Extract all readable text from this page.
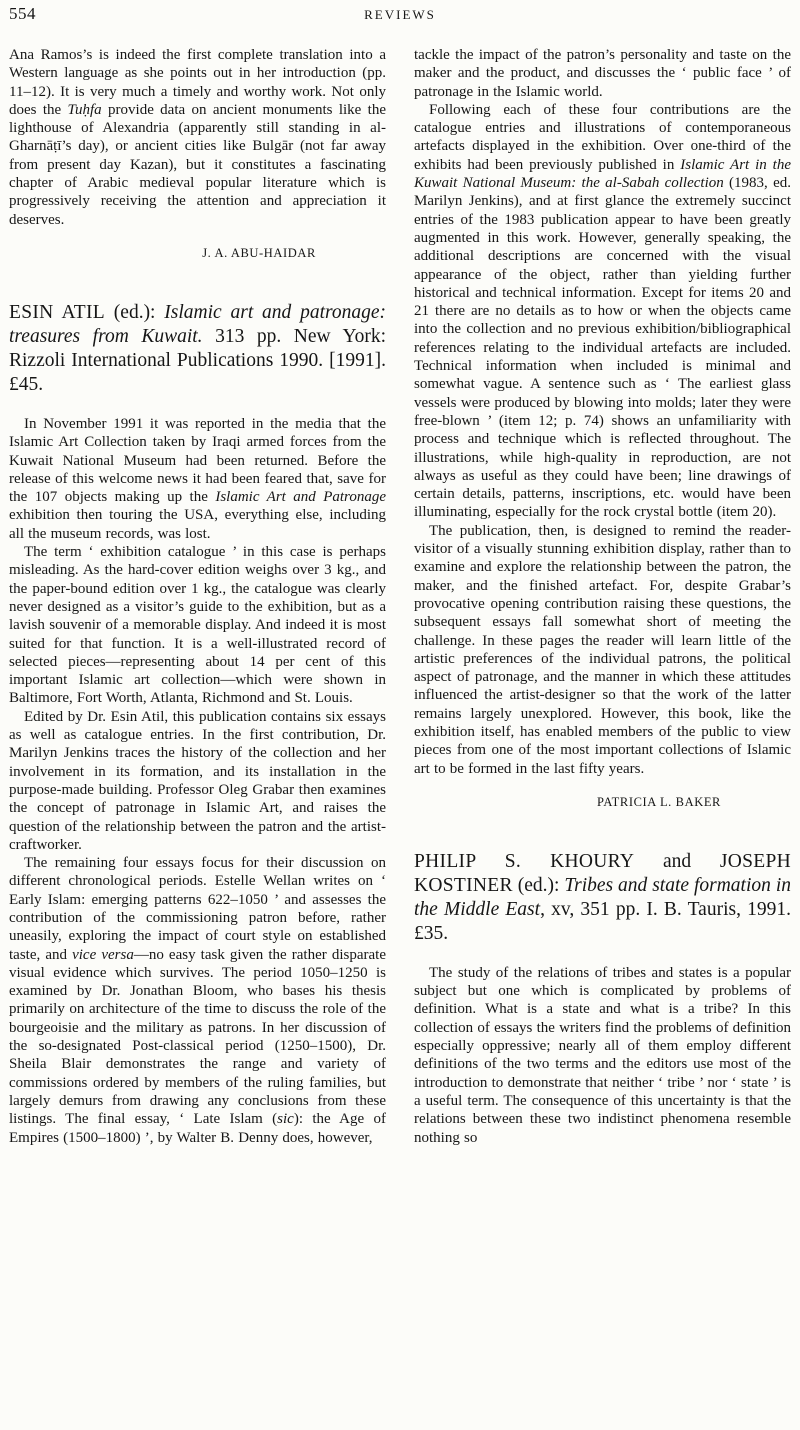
554	REVIEWS

Ana Ramos’s is indeed the first complete translation into a Western language as she points out in her introduction (pp. 11–12). It is very much a timely and worthy work. Not only does the Tuḥfa provide data on ancient monuments like the lighthouse of Alexandria (apparently still standing in al-Gharnāṭī’s day), or ancient cities like Bulgār (not far away from present day Kazan), but it constitutes a fascinating chapter of Arabic medieval popular literature which is progressively receiving the attention and appreciation it deserves.

J. A. ABU-HAIDAR

ESIN ATIL (ed.): Islamic art and patronage: treasures from Kuwait. 313 pp. New York: Rizzoli International Publications 1990. [1991]. £45.

In November 1991 it was reported in the media that the Islamic Art Collection taken by Iraqi armed forces from the Kuwait National Museum had been returned. Before the release of this welcome news it had been feared that, save for the 107 objects making up the Islamic Art and Patronage exhibition then touring the USA, everything else, including all the museum records, was lost.

The term ‘ exhibition catalogue ’ in this case is perhaps misleading. As the hard-cover edition weighs over 3 kg., and the paper-bound edition over 1 kg., the catalogue was clearly never designed as a visitor’s guide to the exhibition, but as a lavish souvenir of a memorable display. And indeed it is most suited for that function. It is a well-illustrated record of selected pieces—representing about 14 per cent of this important Islamic art collection—which were shown in Baltimore, Fort Worth, Atlanta, Richmond and St. Louis.

Edited by Dr. Esin Atil, this publication contains six essays as well as catalogue entries. In the first contribution, Dr. Marilyn Jenkins traces the history of the collection and her involvement in its formation, and its installation in the purpose-made building. Professor Oleg Grabar then examines the concept of patronage in Islamic Art, and raises the question of the relationship between the patron and the artist-craftworker.

The remaining four essays focus for their discussion on different chronological periods. Estelle Wellan writes on ‘ Early Islam: emerging patterns 622–1050 ’ and assesses the contribution of the commissioning patron before, rather uneasily, exploring the impact of court style on established taste, and vice versa—no easy task given the rather disparate visual evidence which survives. The period 1050–1250 is examined by Dr. Jonathan Bloom, who bases his thesis primarily on architecture of the time to discuss the role of the bourgeoisie and the military as patrons. In her discussion of the so-designated Post-classical period (1250–1500), Dr. Sheila Blair demonstrates the range and variety of commissions ordered by members of the ruling families, but largely demurs from drawing any conclusions from these listings. The final essay, ‘ Late Islam (sic): the Age of Empires (1500–1800) ’, by Walter B. Denny does, however,

tackle the impact of the patron’s personality and taste on the maker and the product, and discusses the ‘ public face ’ of patronage in the Islamic world.

Following each of these four contributions are the catalogue entries and illustrations of contemporaneous artefacts displayed in the exhibition. Over one-third of the exhibits had been previously published in Islamic Art in the Kuwait National Museum: the al-Sabah collection (1983, ed. Marilyn Jenkins), and at first glance the extremely succinct entries of the 1983 publication appear to have been greatly augmented in this work. However, generally speaking, the additional descriptions are concerned with the visual appearance of the object, rather than yielding further historical and technical information. Except for items 20 and 21 there are no details as to how or when the objects came into the collection and no previous exhibition/bibliographical references relating to the individual artefacts are included. Technical information when included is minimal and somewhat vague. A sentence such as ‘ The earliest glass vessels were produced by blowing into molds; later they were free-blown ’ (item 12; p. 74) shows an unfamiliarity with process and technique which is reflected throughout. The illustrations, while high-quality in reproduction, are not always as useful as they could have been; line drawings of certain details, patterns, inscriptions, etc. would have been illuminating, especially for the rock crystal bottle (item 20).

The publication, then, is designed to remind the reader-visitor of a visually stunning exhibition display, rather than to examine and explore the relationship between the patron, the maker, and the finished artefact. For, despite Grabar’s provocative opening contribution raising these questions, the subsequent essays fall somewhat short of meeting the challenge. In these pages the reader will learn little of the artistic preferences of the individual patrons, the political aspect of patronage, and the manner in which these attitudes influenced the artist-designer so that the work of the latter remains largely unexplored. However, this book, like the exhibition itself, has enabled members of the public to view pieces from one of the most important collections of Islamic art to be formed in the last fifty years.

PATRICIA L. BAKER

PHILIP S. KHOURY and JOSEPH KOSTINER (ed.): Tribes and state formation in the Middle East, xv, 351 pp. I. B. Tauris, 1991. £35.

The study of the relations of tribes and states is a popular subject but one which is complicated by problems of definition. What is a state and what is a tribe? In this collection of essays the writers find the problems of definition especially oppressive; nearly all of them employ different definitions of the two terms and the editors use most of the introduction to demonstrate that neither ‘ tribe ’ nor ‘ state ’ is a useful term. The consequence of this uncertainty is that the relations between these two indistinct phenomena resemble nothing so
